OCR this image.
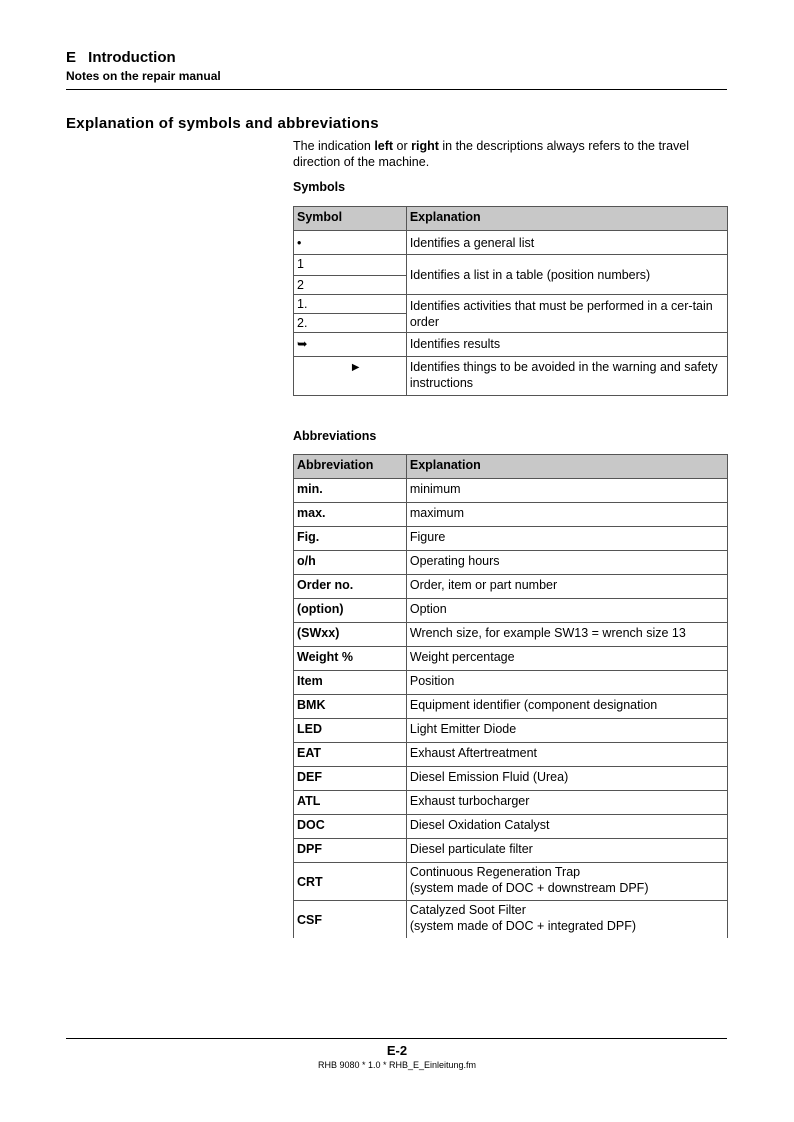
E Introduction
Notes on the repair manual
Explanation of symbols and abbreviations
The indication left or right in the descriptions always refers to the travel direction of the machine.
Symbols
Symbol	Explanation
•	Identifies a general list
1	Identifies a list in a table (position numbers)
2	
1.	Identifies activities that must be performed in a cer-tain order
2.	
➥	Identifies results
►	Identifies things to be avoided in the warning and safety instructions
Abbreviations
Abbreviation	Explanation
min.	minimum
max.	maximum
Fig.	Figure
o/h	Operating hours
Order no.	Order, item or part number
(option)	Option
(SWxx)	Wrench size, for example SW13 = wrench size 13
Weight %	Weight percentage
Item	Position
BMK	Equipment identifier (component designation
LED	Light Emitter Diode
EAT	Exhaust Aftertreatment
DEF	Diesel Emission Fluid (Urea)
ATL	Exhaust turbocharger
DOC	Diesel Oxidation Catalyst
DPF	Diesel particulate filter
CRT	Continuous Regeneration Trap
(system made of DOC + downstream DPF)

CSF	Catalyzed Soot Filter
(system made of DOC + integrated DPF)
E-2
RHB 9080 * 1.0 * RHB_E_Einleitung.fm
